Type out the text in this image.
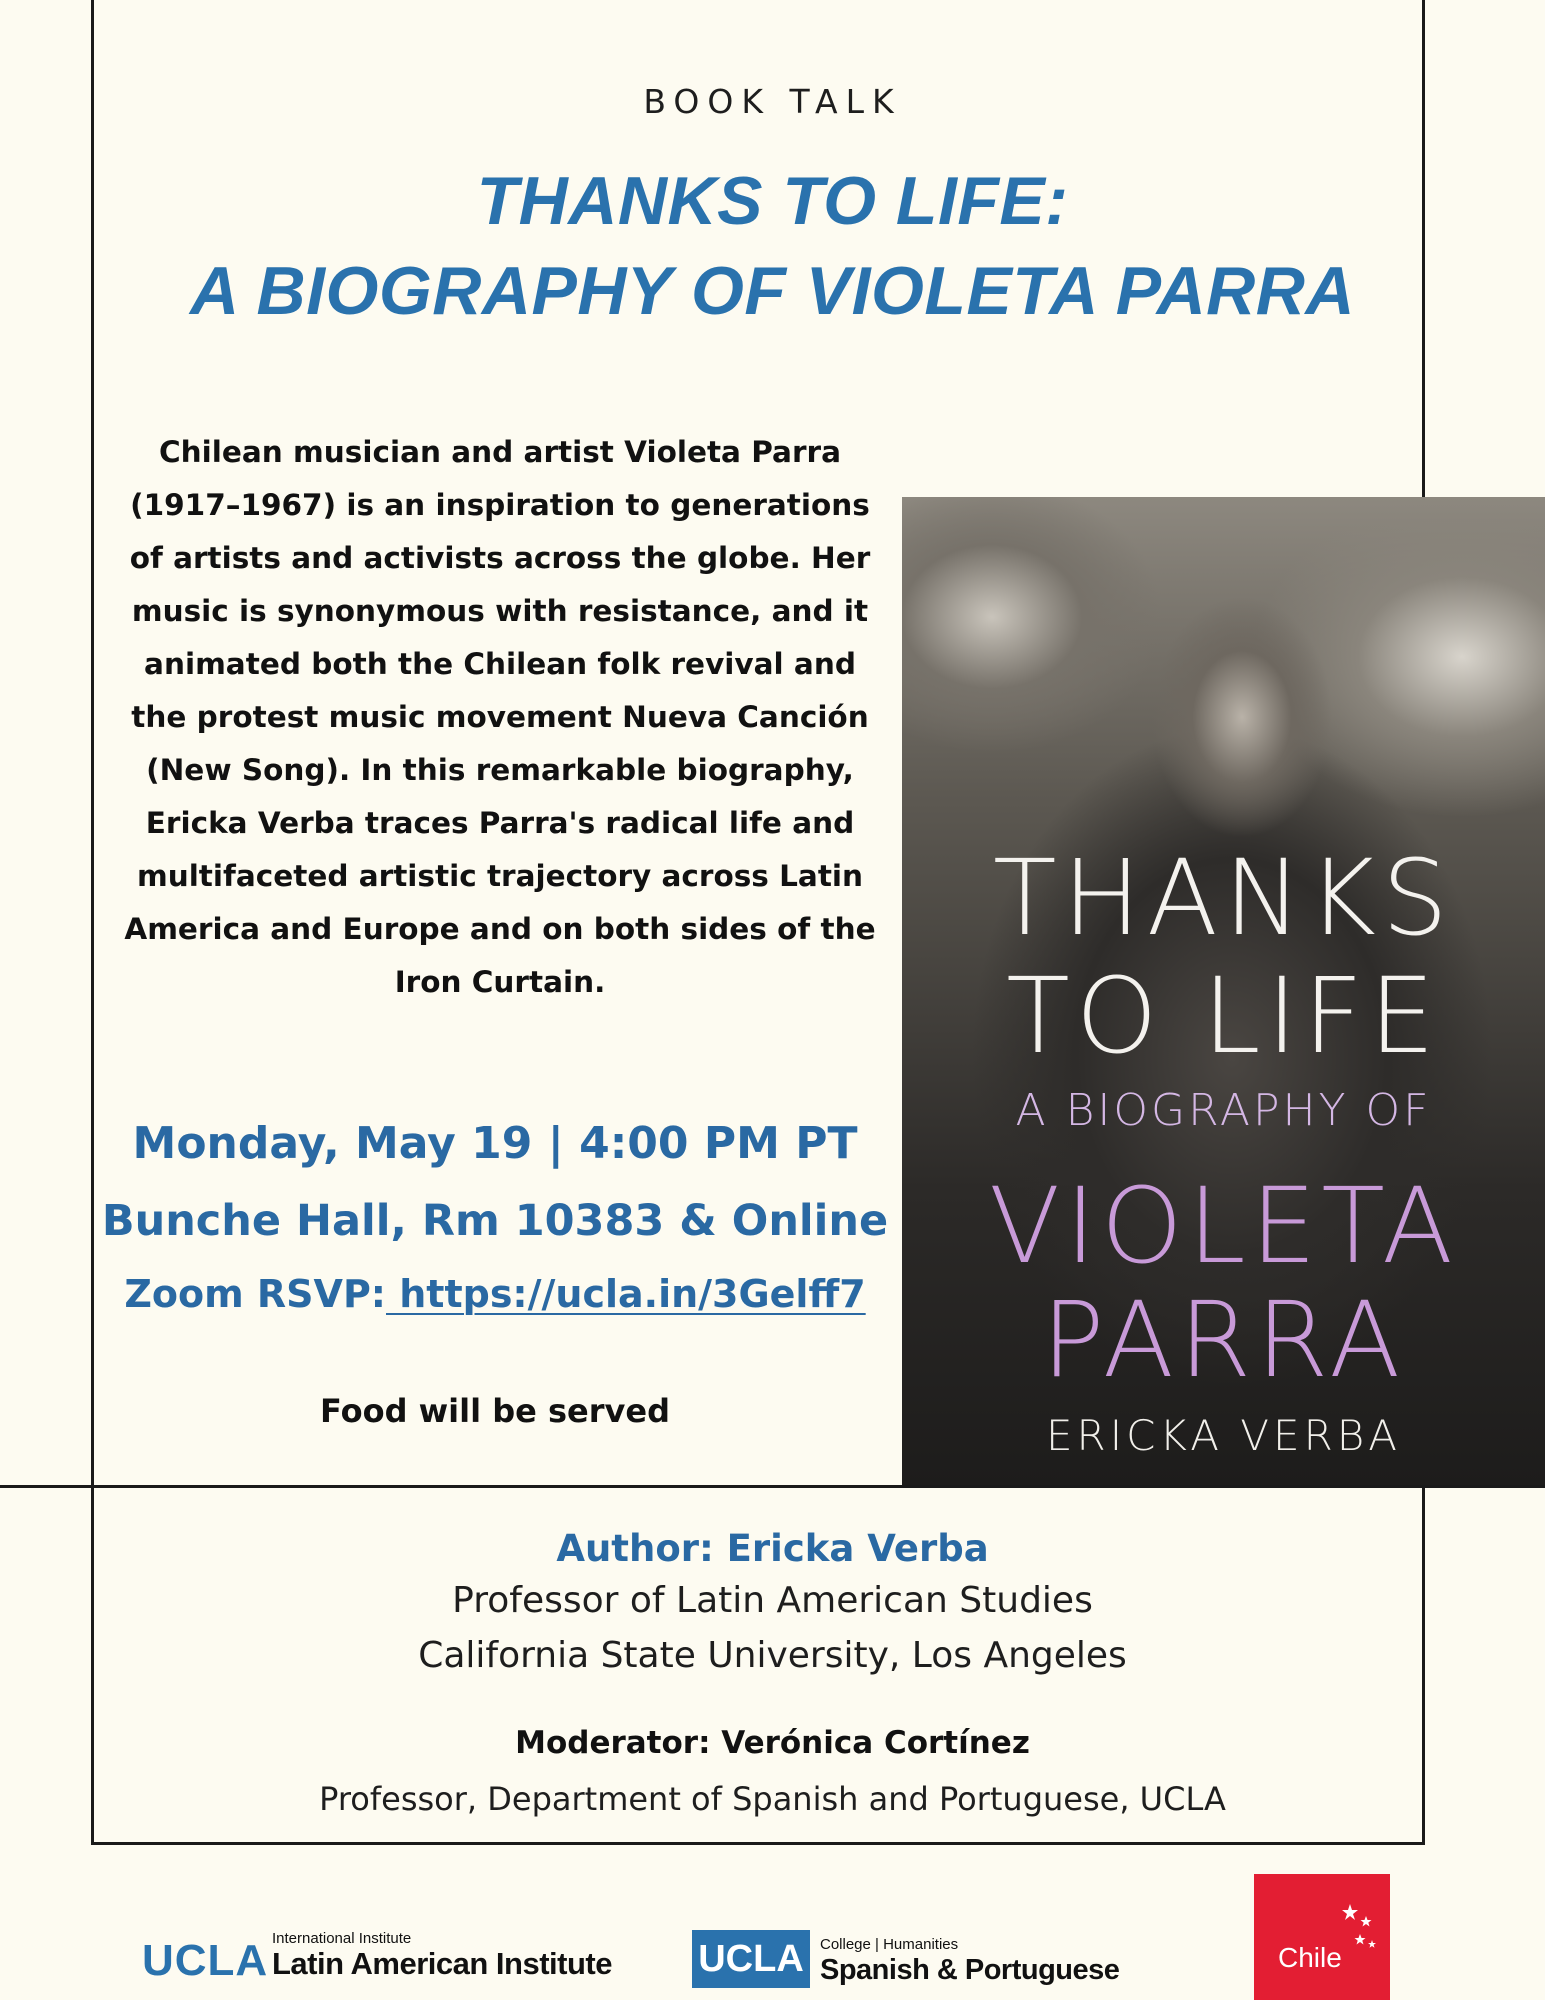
BOOK TALK
THANKS TO LIFE:
A BIOGRAPHY OF VIOLETA PARRA
Chilean musician and artist Violeta Parra (1917–1967) is an inspiration to generations of artists and activists across the globe. Her music is synonymous with resistance, and it animated both the Chilean folk revival and the protest music movement Nueva Canción (New Song). In this remarkable biography, Ericka Verba traces Parra's radical life and multifaceted artistic trajectory across Latin America and Europe and on both sides of the Iron Curtain.
Monday, May 19 | 4:00 PM PT
Bunche Hall, Rm 10383 & Online
Zoom RSVP: https://ucla.in/3Gelff7
Food will be served
THANKS
TO LIFE
A BIOGRAPHY OF
VIOLETA
PARRA
ERICKA VERBA
Author: Ericka Verba
Professor of Latin American Studies
California State University, Los Angeles
Moderator: Verónica Cortínez
Professor, Department of Spanish and Portuguese, UCLA
UCLA International Institute
Latin American Institute UCLA	College | Humanities
Spanish & Portuguese	Chile
